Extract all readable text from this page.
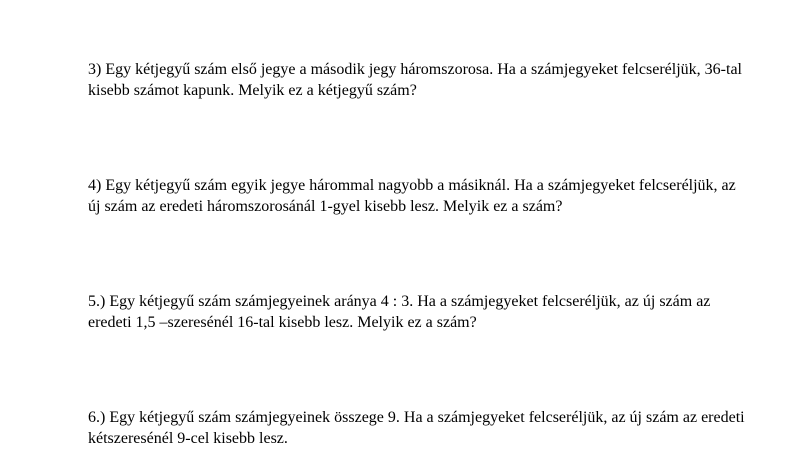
3) Egy kétjegyű szám első jegye a második jegy háromszorosa. Ha a számjegyeket felcseréljük, 36-tal
kisebb számot kapunk. Melyik ez a kétjegyű szám?

4) Egy kétjegyű szám egyik jegye hárommal nagyobb a másiknál. Ha a számjegyeket felcseréljük, az
új szám az eredeti háromszorosánál 1-gyel kisebb lesz. Melyik ez a szám?

5.) Egy kétjegyű szám számjegyeinek aránya 4 : 3. Ha a számjegyeket felcseréljük, az új szám az
eredeti 1,5 –szeresénél 16-tal kisebb lesz. Melyik ez a szám?

6.) Egy kétjegyű szám számjegyeinek összege 9. Ha a számjegyeket felcseréljük, az új szám az eredeti
kétszeresénél 9-cel kisebb lesz.
